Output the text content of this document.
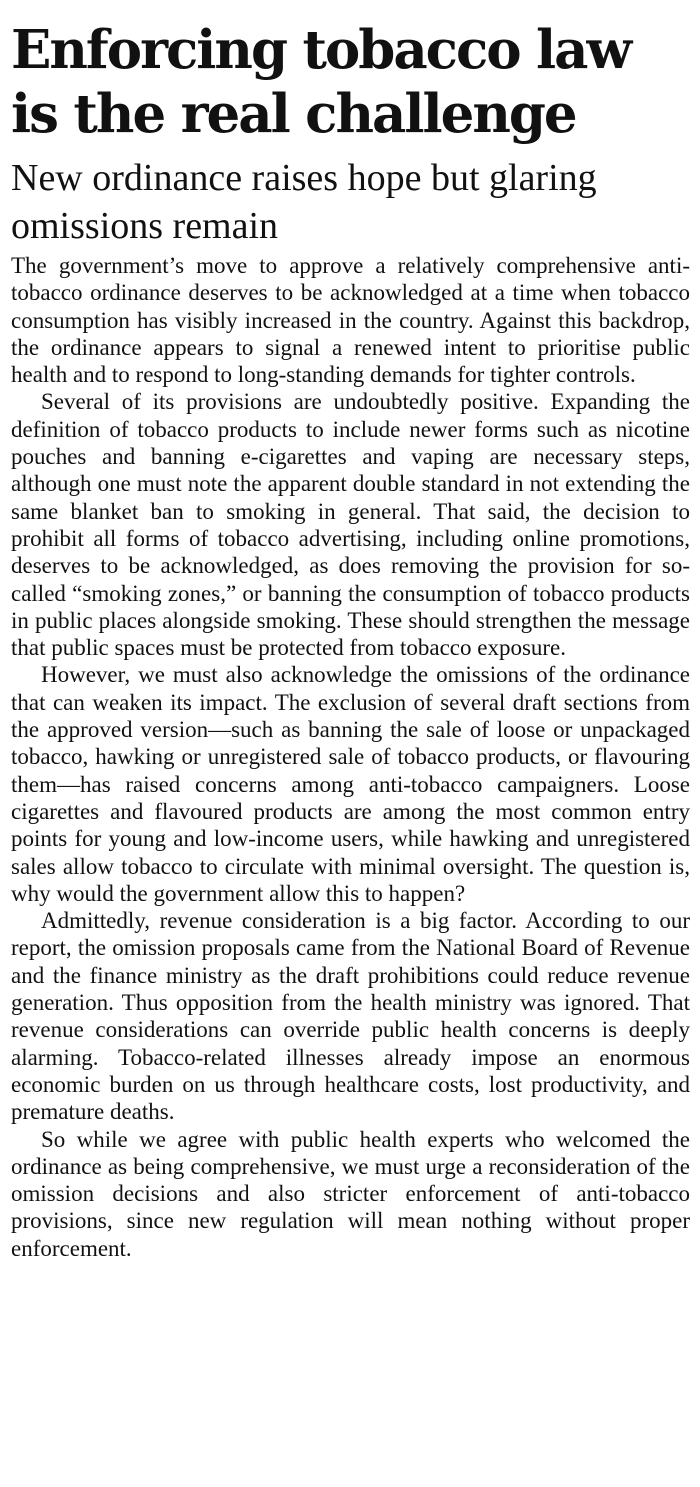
Enforcing tobacco law is the real challenge
New ordinance raises hope but glaring omissions remain

The government’s move to approve a relatively comprehensive anti-tobacco ordinance deserves to be acknowledged at a time when tobacco consumption has visibly increased in the country. Against this backdrop, the ordinance appears to signal a renewed intent to prioritise public health and to respond to long-standing demands for tighter controls.

Several of its provisions are undoubtedly positive. Expanding the definition of tobacco products to include newer forms such as nicotine pouches and banning e-cigarettes and vaping are necessary steps, although one must note the apparent double standard in not extending the same blanket ban to smoking in general. That said, the decision to prohibit all forms of tobacco advertising, including online promotions, deserves to be acknowledged, as does removing the provision for so-called “smoking zones,” or banning the consumption of tobacco products in public places alongside smoking. These should strengthen the message that public spaces must be protected from tobacco exposure.

However, we must also acknowledge the omissions of the ordinance that can weaken its impact. The exclusion of several draft sections from the approved version—such as banning the sale of loose or unpackaged tobacco, hawking or unregistered sale of tobacco products, or flavouring them—has raised concerns among anti-tobacco campaigners. Loose cigarettes and flavoured products are among the most common entry points for young and low-income users, while hawking and unregistered sales allow tobacco to circulate with minimal oversight. The question is, why would the government allow this to happen?

Admittedly, revenue consideration is a big factor. According to our report, the omission proposals came from the National Board of Revenue and the finance ministry as the draft prohibitions could reduce revenue generation. Thus opposition from the health ministry was ignored. That revenue considerations can override public health concerns is deeply alarming. Tobacco-related illnesses already impose an enormous economic burden on us through healthcare costs, lost productivity, and premature deaths.

So while we agree with public health experts who welcomed the ordinance as being comprehensive, we must urge a reconsideration of the omission decisions and also stricter enforcement of anti-tobacco provisions, since new regulation will mean nothing without proper enforcement.
